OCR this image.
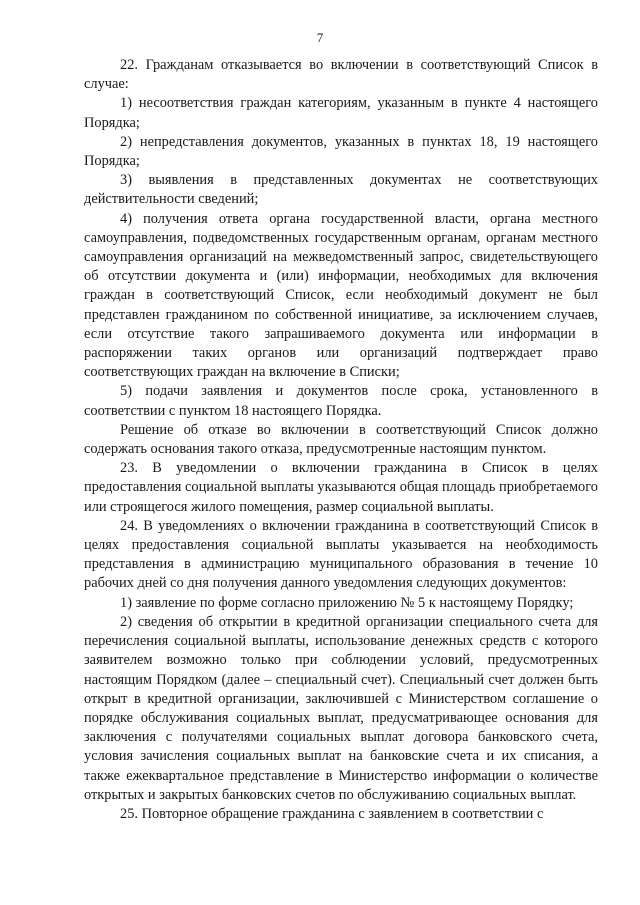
7

22. Гражданам отказывается во включении в соответствующий Список в случае:

1) несоответствия граждан категориям, указанным в пункте 4 настоящего Порядка;

2) непредставления документов, указанных в пунктах 18, 19 настоящего Порядка;

3) выявления в представленных документах не соответствующих действительности сведений;

4) получения ответа органа государственной власти, органа местного самоуправления, подведомственных государственным органам, органам местного самоуправления организаций на межведомственный запрос, свидетельствующего об отсутствии документа и (или) информации, необходимых для включения граждан в соответствующий Список, если необходимый документ не был представлен гражданином по собственной инициативе, за исключением случаев, если отсутствие такого запрашиваемого документа или информации в распоряжении таких органов или организаций подтверждает право соответствующих граждан на включение в Списки;

5) подачи заявления и документов после срока, установленного в соответствии с пунктом 18 настоящего Порядка.

Решение об отказе во включении в соответствующий Список должно содержать основания такого отказа, предусмотренные настоящим пунктом.

23. В уведомлении о включении гражданина в Список в целях предоставления социальной выплаты указываются общая площадь приобретаемого или строящегося жилого помещения, размер социальной выплаты.

24. В уведомлениях о включении гражданина в соответствующий Список в целях предоставления социальной выплаты указывается на необходимость представления в администрацию муниципального образования в течение 10 рабочих дней со дня получения данного уведомления следующих документов:

1) заявление по форме согласно приложению № 5 к настоящему Порядку;

2) сведения об открытии в кредитной организации специального счета для перечисления социальной выплаты, использование денежных средств с которого заявителем возможно только при соблюдении условий, предусмотренных настоящим Порядком (далее – специальный счет). Специальный счет должен быть открыт в кредитной организации, заключившей с Министерством соглашение о порядке обслуживания социальных выплат, предусматривающее основания для заключения с получателями социальных выплат договора банковского счета, условия зачисления социальных выплат на банковские счета и их списания, а также ежеквартальное представление в Министерство информации о количестве открытых и закрытых банковских счетов по обслуживанию социальных выплат.

25. Повторное обращение гражданина с заявлением в соответствии с
